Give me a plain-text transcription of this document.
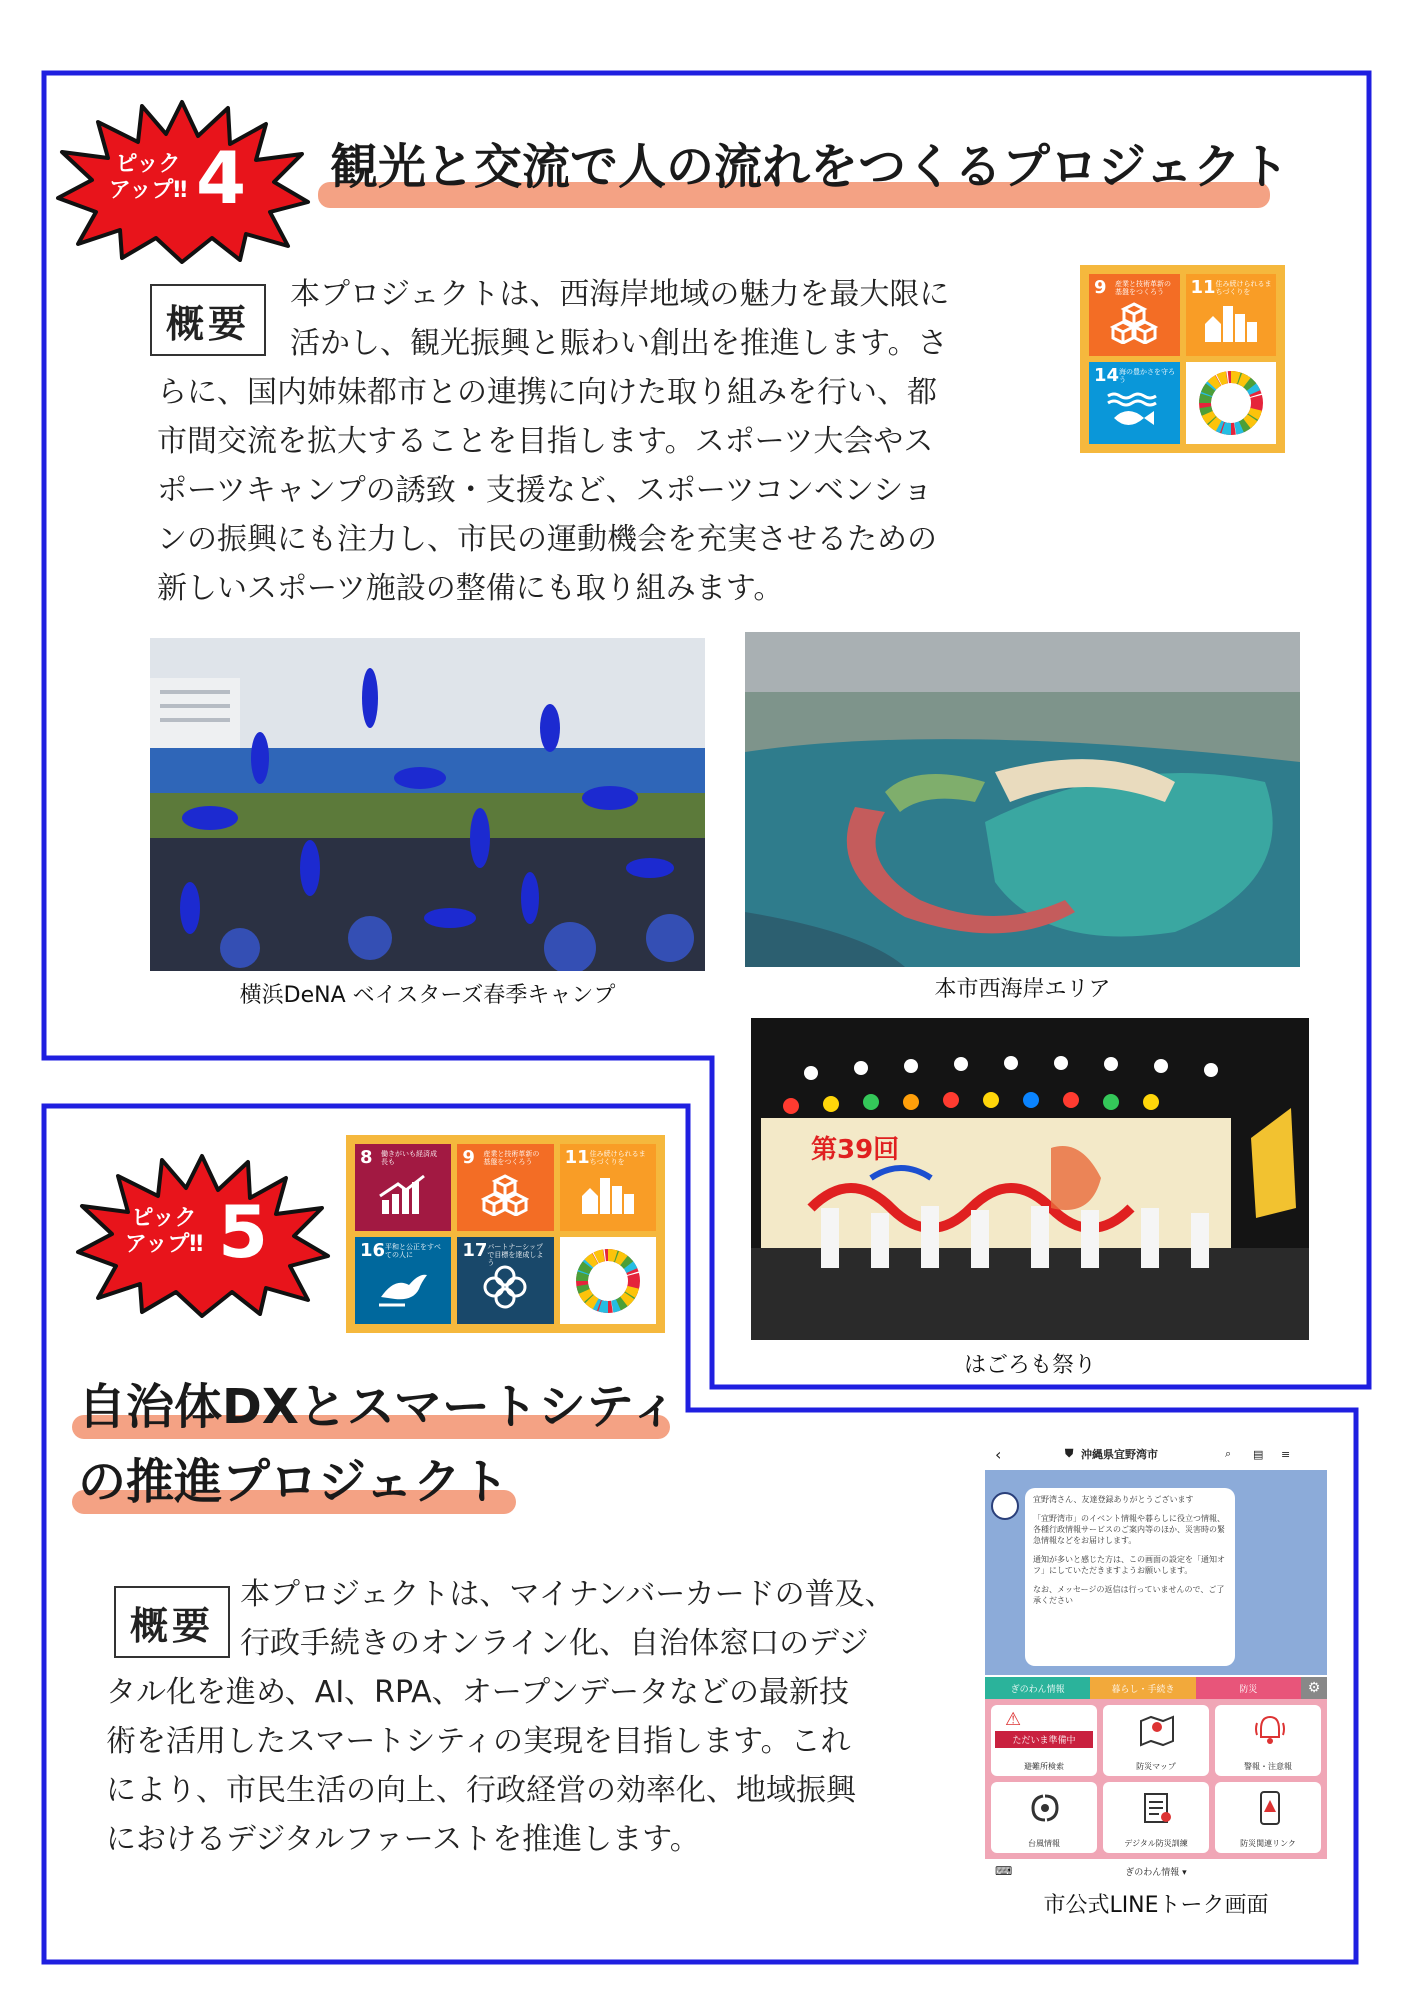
ピック
アップ‼ 4 観光と交流で人の流れをつくるプロジェクト
概要
本プロジェクトは、西海岸地域の魅力を最大限に
活かし、観光振興と賑わい創出を推進します。さ
らに、国内姉妹都市との連携に向けた取り組みを行い、都
市間交流を拡大することを目指します。スポーツ大会やス
ポーツキャンプの誘致・支援など、スポーツコンベンショ
ンの振興にも注力し、市民の運動機会を充実させるための
新しいスポーツ施設の整備にも取り組みます。
9 産業と技術革新の基盤をつくろう	11 住み続けられるまちづくりを
14 海の豊かさを守ろう
横浜DeNA ベイスターズ春季キャンプ	本市西海岸エリア
第39回
はごろも祭り
ピック
アップ‼ 5
8 働きがいも経済成長も	9 産業と技術革新の基盤をつくろう	11 住み続けられるまちづくりを
16 平和と公正をすべての人に	17 パートナーシップで目標を達成しよう
自治体DXとスマートシティ
の推進プロジェクト
概要
本プロジェクトは、マイナンバーカードの普及、
行政手続きのオンライン化、自治体窓口のデジ
タル化を進め、AI、RPA、オープンデータなどの最新技
術を活用したスマートシティの実現を目指します。これ
により、市民生活の向上、行政経営の効率化、地域振興
におけるデジタルファーストを推進します。
‹	⛊ 沖縄県宜野湾市	⌕ ▤ ≡
宜野湾さん、友達登録ありがとうございます
「宜野湾市」のイベント情報や暮らしに役立つ情報、各種行政情報サービスのご案内等のほか、災害時の緊急情報などをお届けします。
通知が多いと感じた方は、この画面の設定を「通知オフ」にしていただきますようお願いします。
なお、メッセージの返信は行っていませんので、ご了承ください
ぎのわん情報	暮らし・手続き	防災	⚙
⚠
ただいま準備中
避難所検索	防災マップ	警報・注意報
台風情報	デジタル防災訓練	防災関連リンク
⌨	ぎのわん情報 ▾
市公式LINEトーク画面
